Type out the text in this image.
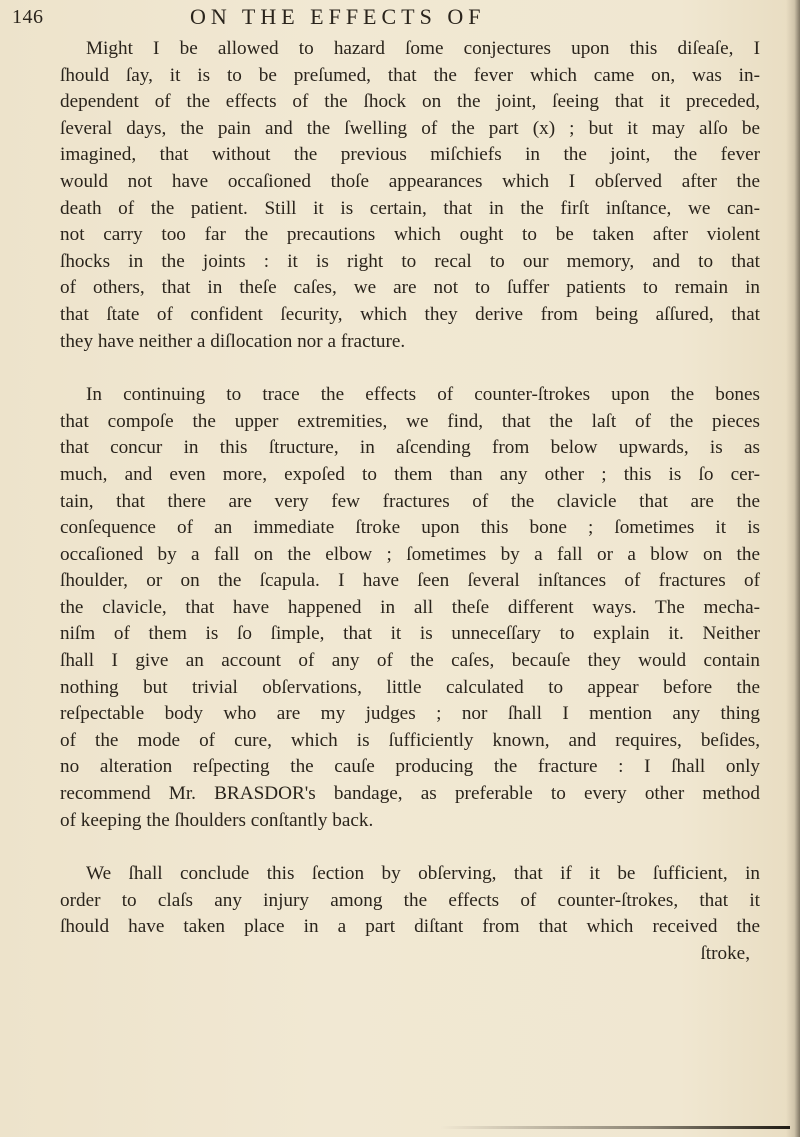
146	ON THE EFFECTS OF
Might I be allowed to hazard ſome conjectures upon this diſeaſe, I
ſhould ſay, it is to be preſumed, that the fever which came on, was in-
dependent of the effects of the ſhock on the joint, ſeeing that it preceded,
ſeveral days, the pain and the ſwelling of the part (x) ; but it may alſo be
imagined, that without the previous miſchiefs in the joint, the fever
would not have occaſioned thoſe appearances which I obſerved after the
death of the patient. Still it is certain, that in the firſt inſtance, we can-
not carry too far the precautions which ought to be taken after violent
ſhocks in the joints : it is right to recal to our memory, and to that
of others, that in theſe caſes, we are not to ſuffer patients to remain in
that ſtate of confident ſecurity, which they derive from being aſſured, that
they have neither a diſlocation nor a fracture.
In continuing to trace the effects of counter-ſtrokes upon the bones
that compoſe the upper extremities, we find, that the laſt of the pieces
that concur in this ſtructure, in aſcending from below upwards, is as
much, and even more, expoſed to them than any other ; this is ſo cer-
tain, that there are very few fractures of the clavicle that are the
conſequence of an immediate ſtroke upon this bone ; ſometimes it is
occaſioned by a fall on the elbow ; ſometimes by a fall or a blow on the
ſhoulder, or on the ſcapula. I have ſeen ſeveral inſtances of fractures of
the clavicle, that have happened in all theſe different ways. The mecha-
niſm of them is ſo ſimple, that it is unneceſſary to explain it. Neither
ſhall I give an account of any of the caſes, becauſe they would contain
nothing but trivial obſervations, little calculated to appear before the
reſpectable body who are my judges ; nor ſhall I mention any thing
of the mode of cure, which is ſufficiently known, and requires, beſides,
no alteration reſpecting the cauſe producing the fracture : I ſhall only
recommend Mr. BRASDOR's bandage, as preferable to every other method
of keeping the ſhoulders conſtantly back.
We ſhall conclude this ſection by obſerving, that if it be ſufficient, in
order to claſs any injury among the effects of counter-ſtrokes, that it
ſhould have taken place in a part diſtant from that which received the
ſtroke,
